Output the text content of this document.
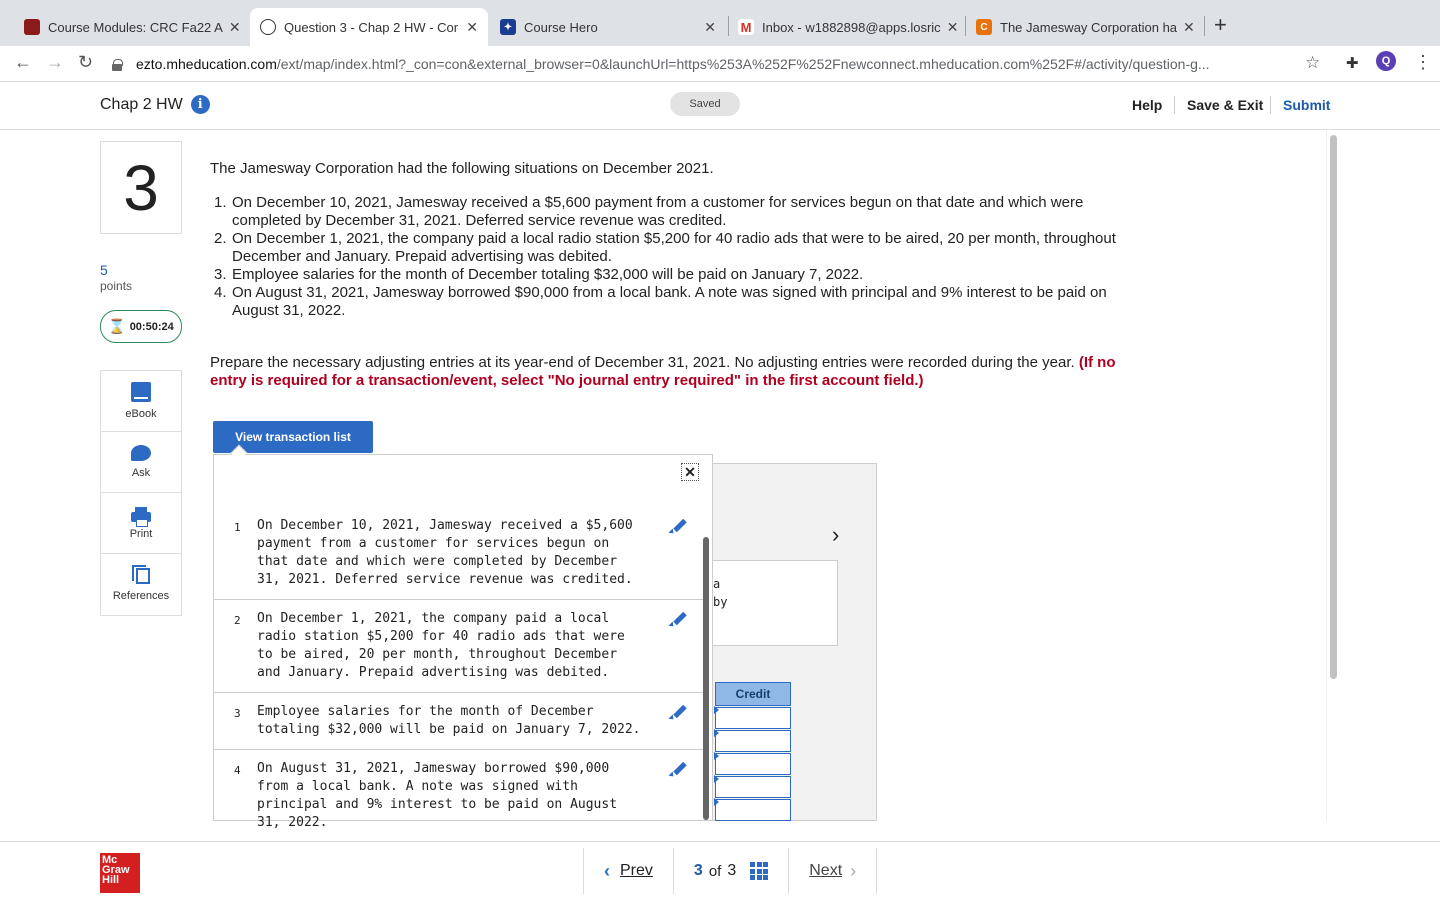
Course Modules: CRC Fa22 A ✕	Question 3 - Chap 2 HW - Cor ✕	✦ Course Hero	✕ M Inbox - w1882898@apps.losric ✕	C The Jamesway Corporation ha ✕ +
← → ↻	ezto.mheducation.com/ext/map/index.html?_con=con&external_browser=0&launchUrl=https%253A%252F%252Fnewconnect.mheducation.com%252F#/activity/question-g...	☆ ✚	Q	⋮
Chap 2 HW	i	Saved	Help Save & Exit Submit
3
5
points
⌛ 00:50:24
eBook
Ask
Print
References
The Jamesway Corporation had the following situations on December 2021.
1. On December 10, 2021, Jamesway received a $5,600 payment from a customer for services begun on that date and which were completed by December 31, 2021. Deferred service revenue was credited.
2. On December 1, 2021, the company paid a local radio station $5,200 for 40 radio ads that were to be aired, 20 per month, throughout December and January. Prepaid advertising was debited.
3. Employee salaries for the month of December totaling $32,000 will be paid on January 7, 2022.
4. On August 31, 2021, Jamesway borrowed $90,000 from a local bank. A note was signed with principal and 9% interest to be paid on August 31, 2022.
Prepare the necessary adjusting entries at its year-end of December 31, 2021. No adjusting entries were recorded during the year. (If no entry is required for a transaction/event, select "No journal entry required" in the first account field.)
View transaction list
›
a
by
Credit
✕
1 On December 10, 2021, Jamesway received a $5,600 payment from a customer for services begun on that date and which were completed by December 31, 2021. Deferred service revenue was credited.
2 On December 1, 2021, the company paid a local radio station $5,200 for 40 radio ads that were to be aired, 20 per month, throughout December and January. Prepaid advertising was debited.
3 Employee salaries for the month of December totaling $32,000 will be paid on January 7, 2022.
4 On August 31, 2021, Jamesway borrowed $90,000 from a local bank. A note was signed with principal and 9% interest to be paid on August 31, 2022.
Mc
Graw
Hill	‹ Prev	3 of 3	Next ›
